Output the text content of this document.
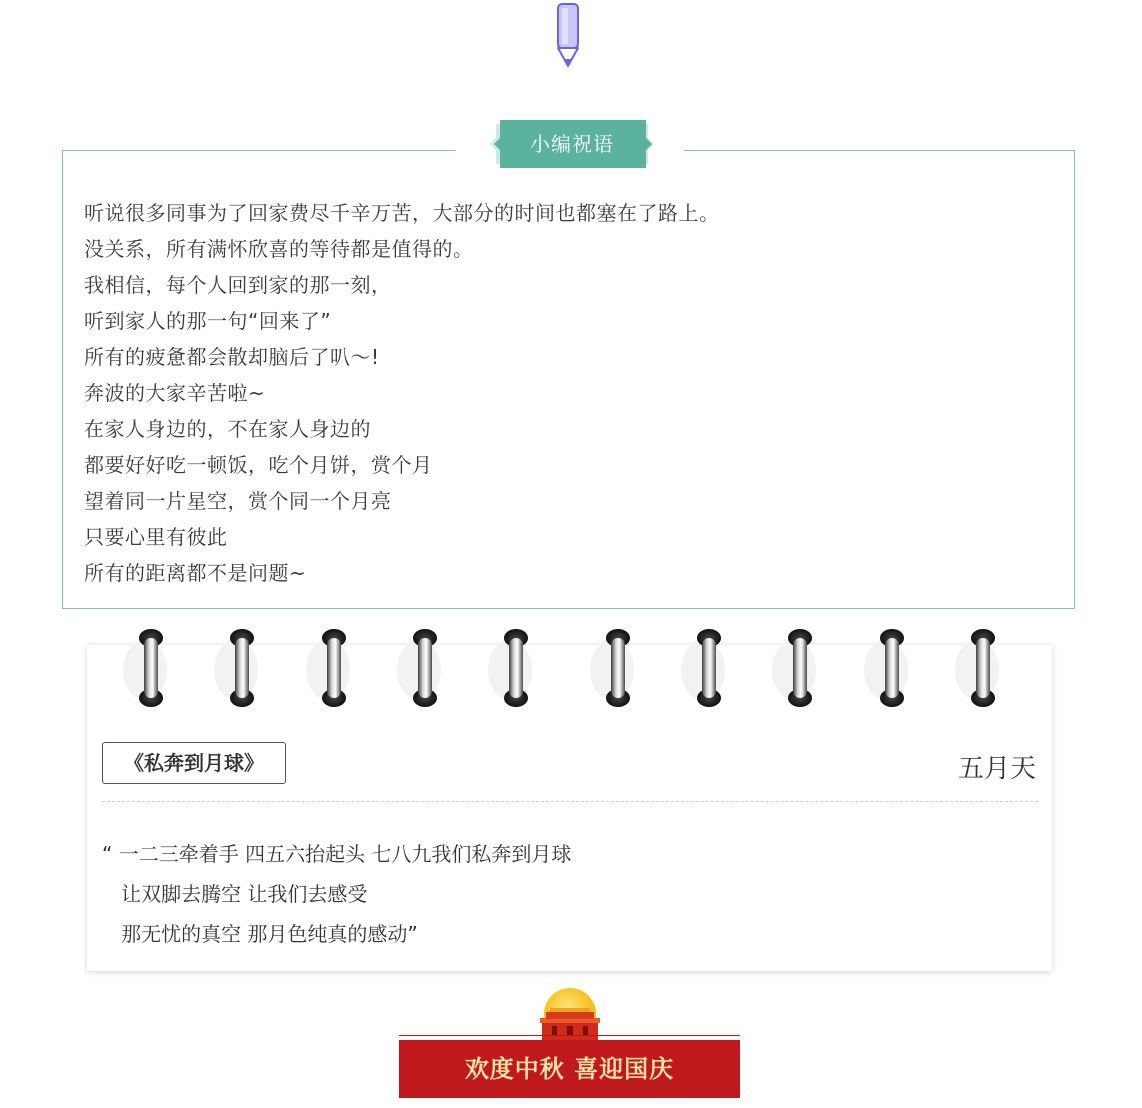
小编祝语
听说很多同事为了回家费尽千辛万苦，大部分的时间也都塞在了路上。
没关系，所有满怀欣喜的等待都是值得的。
我相信，每个人回到家的那一刻，
听到家人的那一句“回来了”
所有的疲惫都会散却脑后了叭～!
奔波的大家辛苦啦~
在家人身边的，不在家人身边的
都要好好吃一顿饭，吃个月饼，赏个月
望着同一片星空，赏个同一个月亮
只要心里有彼此
所有的距离都不是问题~
《私奔到月球》	五月天
“ 一二三牵着手 四五六抬起头 七八九我们私奔到月球
让双脚去腾空 让我们去感受
那无忧的真空 那月色纯真的感动”
欢度中秋 喜迎国庆
